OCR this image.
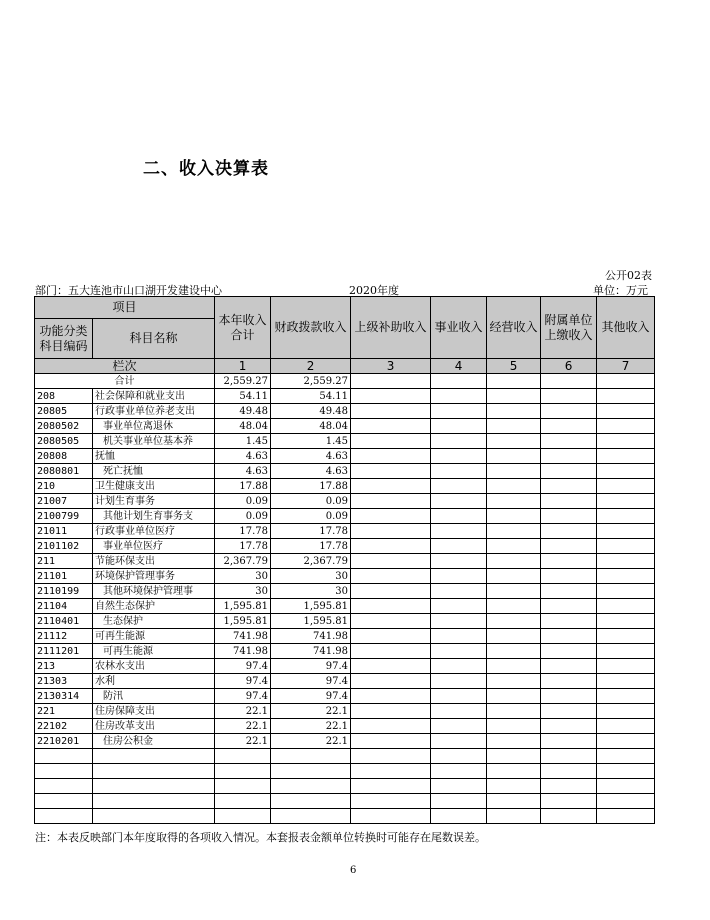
二、收入决算表
公开02表
部门：五大连池市山口湖开发建设中心	2020年度	单位：万元
项目		本年收入合计	财政拨款收入	上级补助收入	事业收入	经营收入	附属单位上缴收入	其他收入
功能分类科目编码	科目名称							
栏次		1	2	3	4	5	6	7
合计		2,559.27	2,559.27					
208	社会保障和就业支出	54.11	54.11					
20805	行政事业单位养老支出	49.48	49.48					
2080502	事业单位离退休	48.04	48.04					
2080505	机关事业单位基本养	1.45	1.45					
20808	抚恤	4.63	4.63					
2080801	死亡抚恤	4.63	4.63					
210	卫生健康支出	17.88	17.88					
21007	计划生育事务	0.09	0.09					
2100799	其他计划生育事务支	0.09	0.09					
21011	行政事业单位医疗	17.78	17.78					
2101102	事业单位医疗	17.78	17.78					
211	节能环保支出	2,367.79	2,367.79					
21101	环境保护管理事务	30	30					
2110199	其他环境保护管理事	30	30					
21104	自然生态保护	1,595.81	1,595.81					
2110401	生态保护	1,595.81	1,595.81					
21112	可再生能源	741.98	741.98					
2111201	可再生能源	741.98	741.98					
213	农林水支出	97.4	97.4					
21303	水利	97.4	97.4					
2130314	防汛	97.4	97.4					
221	住房保障支出	22.1	22.1					
22102	住房改革支出	22.1	22.1					
2210201	住房公积金	22.1	22.1					

注：本表反映部门本年度取得的各项收入情况。本套报表金额单位转换时可能存在尾数误差。
6
